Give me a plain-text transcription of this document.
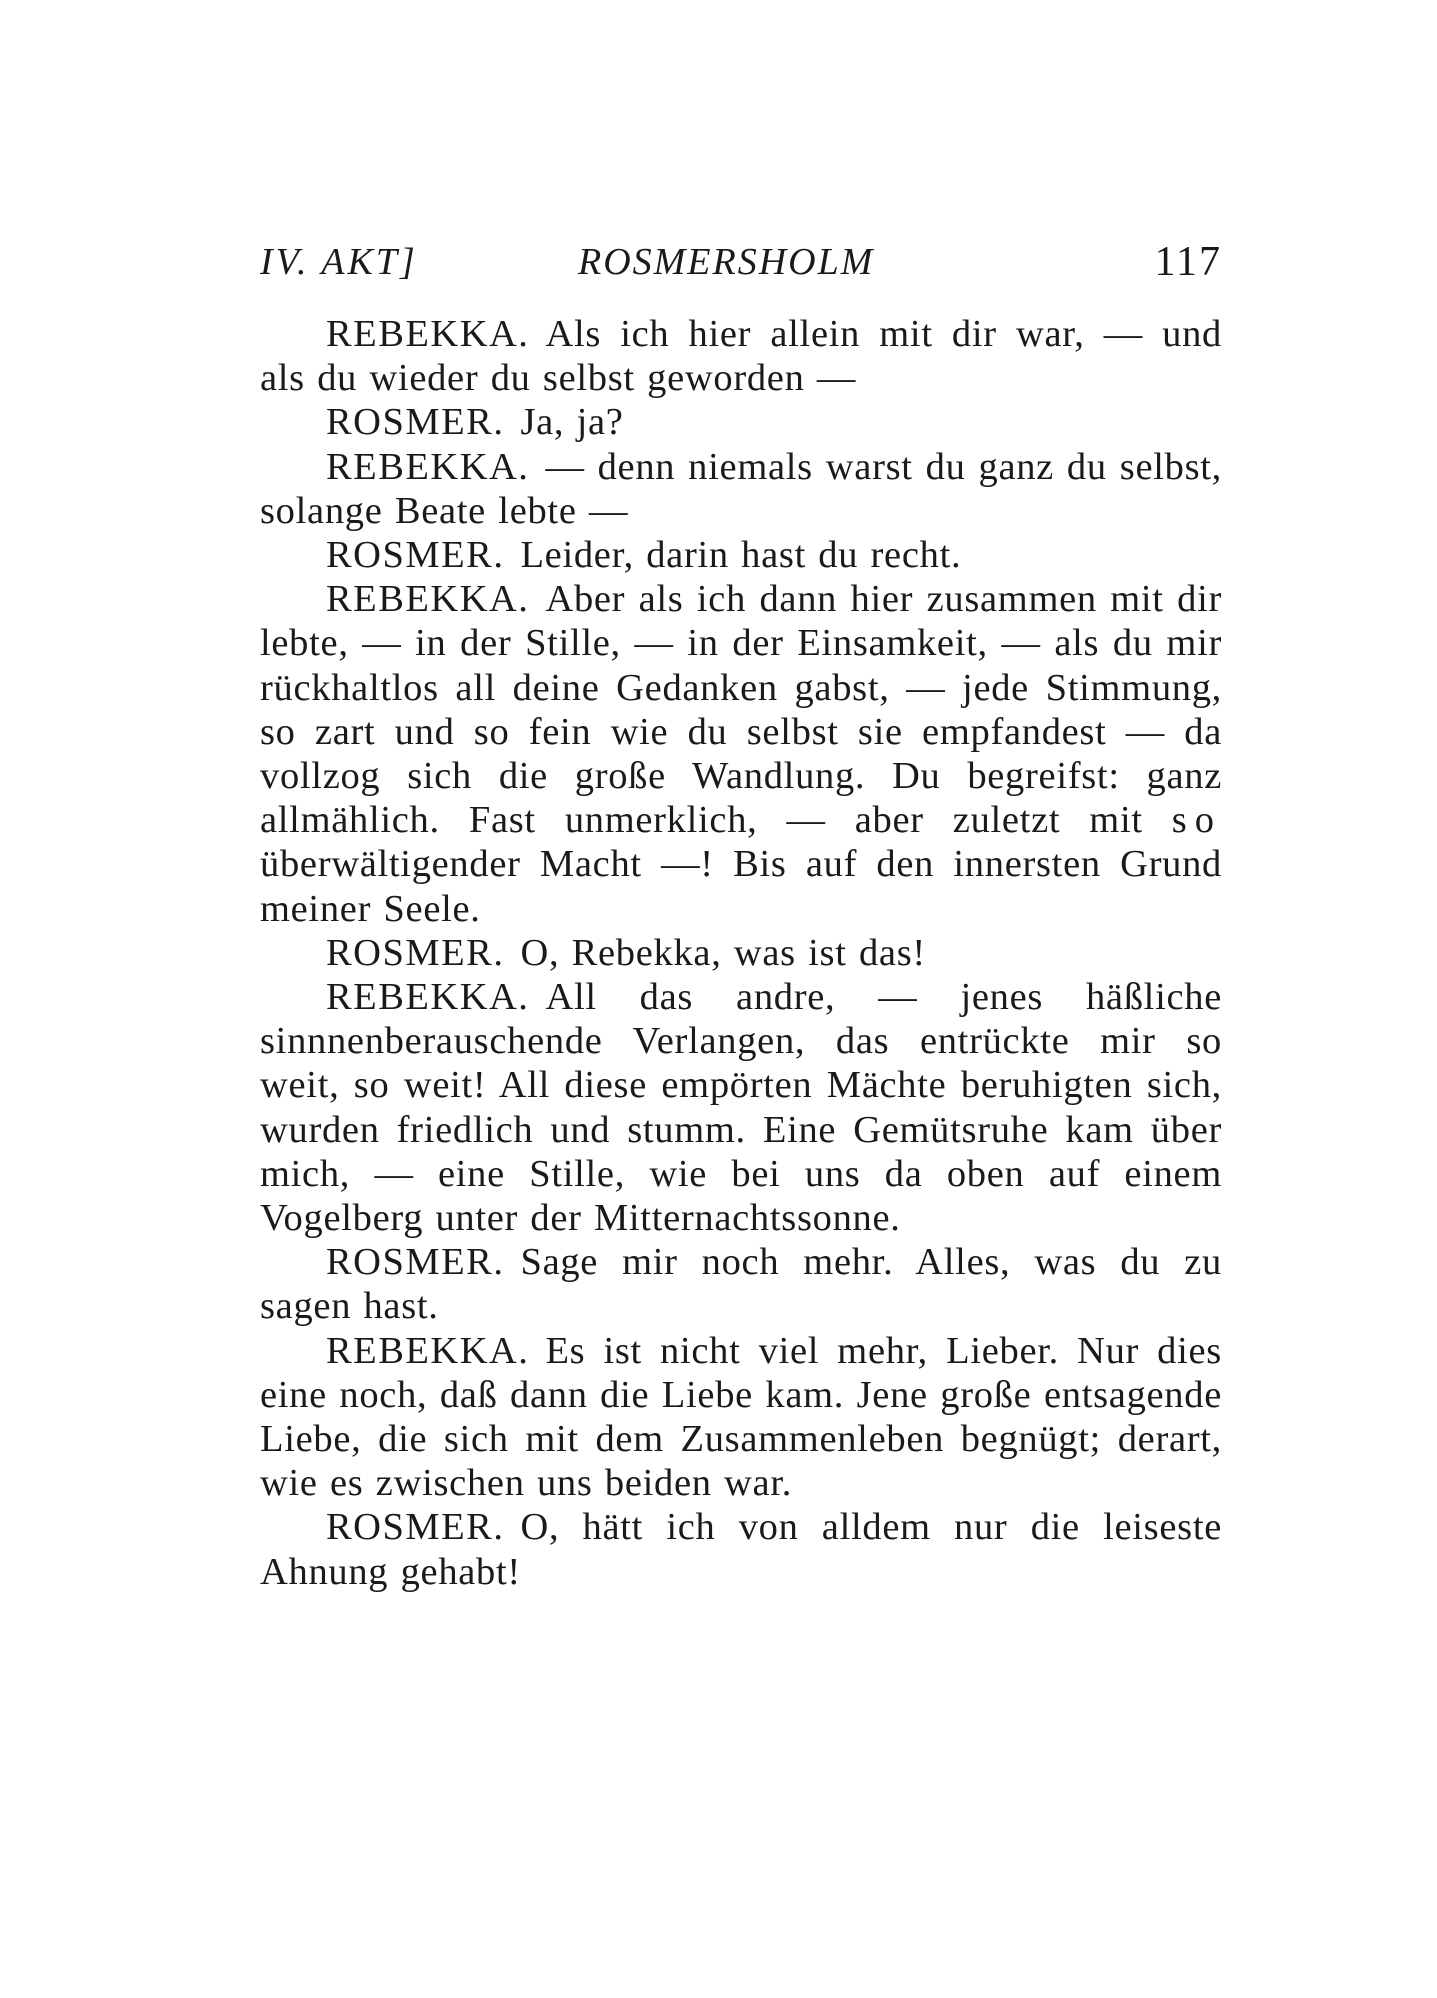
IV. AKT]	ROSMERSHOLM	117

REBEKKA. Als ich hier allein mit dir war, — und als du wieder du selbst geworden —

ROSMER. Ja, ja?

REBEKKA. — denn niemals warst du ganz du selbst, solange Beate lebte —

ROSMER. Leider, darin hast du recht.

REBEKKA. Aber als ich dann hier zusammen mit dir lebte, — in der Stille, — in der Einsamkeit, — als du mir rückhaltlos all deine Gedanken gabst, — jede Stimmung, so zart und so fein wie du selbst sie empfandest — da vollzog sich die große Wandlung. Du begreifst: ganz allmählich. Fast unmerklich, — aber zuletzt mit so überwältigender Macht —! Bis auf den innersten Grund meiner Seele.

ROSMER. O, Rebekka, was ist das!

REBEKKA. All das andre, — jenes häßliche sinnnenberauschende Verlangen, das entrückte mir so weit, so weit! All diese empörten Mächte beruhigten sich, wurden friedlich und stumm. Eine Gemütsruhe kam über mich, — eine Stille, wie bei uns da oben auf einem Vogelberg unter der Mitternachtssonne.

ROSMER. Sage mir noch mehr. Alles, was du zu sagen hast.

REBEKKA. Es ist nicht viel mehr, Lieber. Nur dies eine noch, daß dann die Liebe kam. Jene große entsagende Liebe, die sich mit dem Zusammenleben begnügt; derart, wie es zwischen uns beiden war.

ROSMER. O, hätt ich von alldem nur die leiseste Ahnung gehabt!
